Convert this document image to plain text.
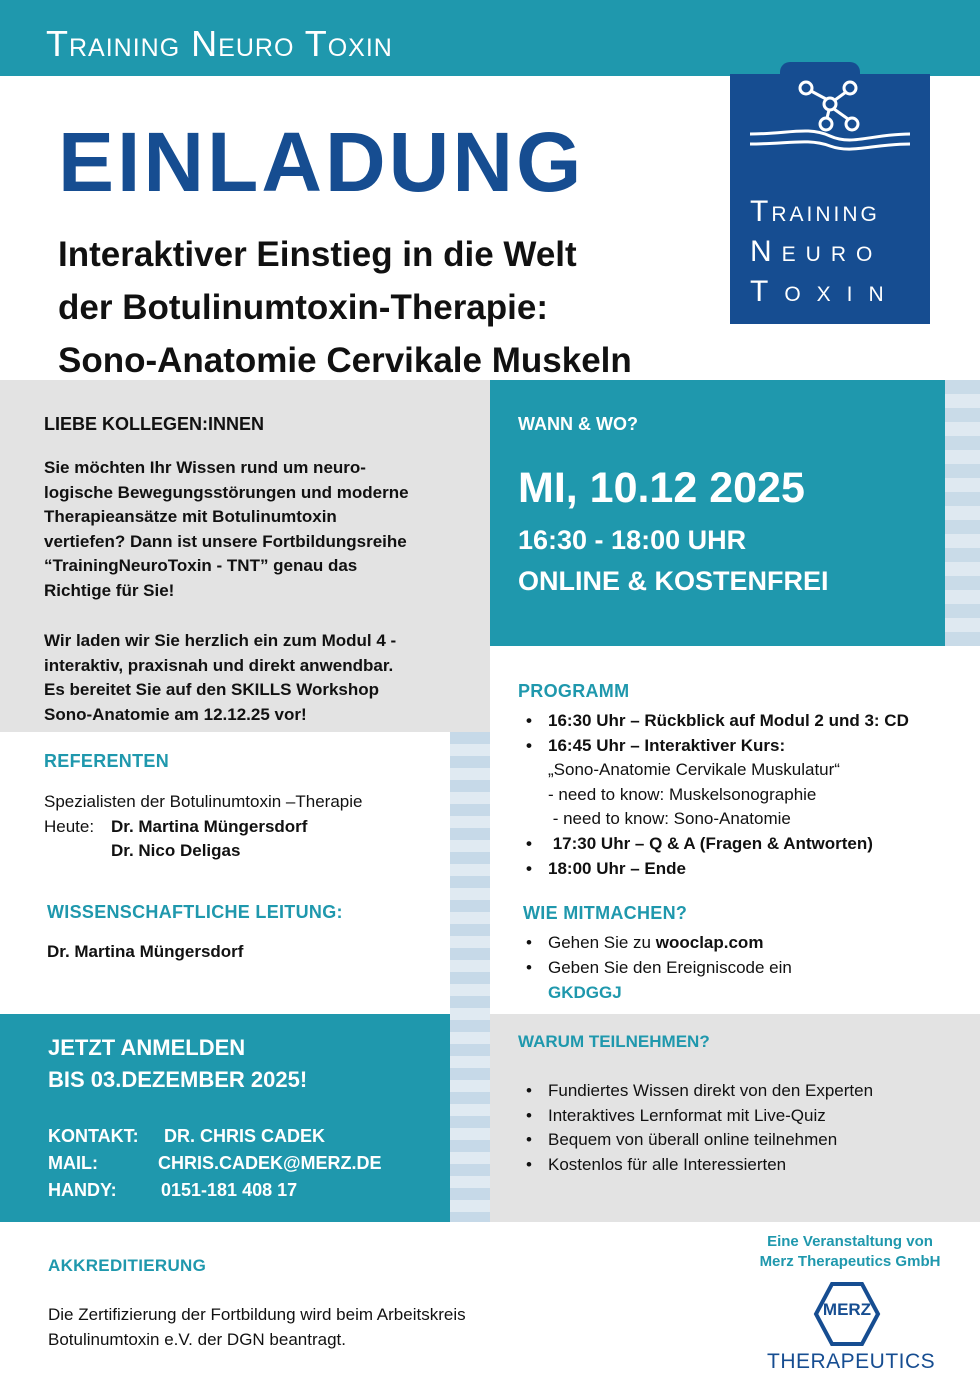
Training Neuro Toxin
Training
Neuro
Toxin
EINLADUNG
Interaktiver Einstieg in die Welt
der Botulinumtoxin-Therapie:
Sono-Anatomie Cervikale Muskeln
LIEBE KOLLEGEN:INNEN
Sie möchten Ihr Wissen rund um neuro-
logische Bewegungsstörungen und moderne
Therapieansätze mit Botulinumtoxin
vertiefen? Dann ist unsere Fortbildungsreihe
“TrainingNeuroToxin - TNT” genau das
Richtige für Sie!
Wir laden wir Sie herzlich ein zum Modul 4 -
interaktiv, praxisnah und direkt anwendbar.
Es bereitet Sie auf den SKILLS Workshop
Sono-Anatomie am 12.12.25 vor!
WANN & WO?
MI, 10.12 2025
16:30 - 18:00 UHR
ONLINE & KOSTENFREI
REFERENTEN
Spezialisten der Botulinumtoxin –Therapie
Heute: Dr. Martina Müngersdorf
Dr. Nico Deligas
WISSENSCHAFTLICHE LEITUNG:
Dr. Martina Müngersdorf
PROGRAMM
• 16:30 Uhr – Rückblick auf Modul 2 und 3: CD
• 16:45 Uhr – Interaktiver Kurs:
„Sono-Anatomie Cervikale Muskulatur“
- need to know: Muskelsonographie
- need to know: Sono-Anatomie
•  17:30 Uhr – Q & A (Fragen & Antworten)
• 18:00 Uhr – Ende
WIE MITMACHEN?
• Gehen Sie zu wooclap.com
• Geben Sie den Ereigniscode ein
GKDGGJ
JETZT ANMELDEN
BIS 03.DEZEMBER 2025!
KONTAKT: DR. CHRIS CADEK
MAIL:	CHRIS.CADEK@MERZ.DE
HANDY: 0151-181 408 17
WARUM TEILNEHMEN?
• Fundiertes Wissen direkt von den Experten
• Interaktives Lernformat mit Live-Quiz
• Bequem von überall online teilnehmen
• Kostenlos für alle Interessierten
AKKREDITIERUNG
Die Zertifizierung der Fortbildung wird beim Arbeitskreis
Botulinumtoxin e.V. der DGN beantragt.
Eine Veranstaltung von
Merz Therapeutics GmbH
MERZ
THERAPEUTICS
